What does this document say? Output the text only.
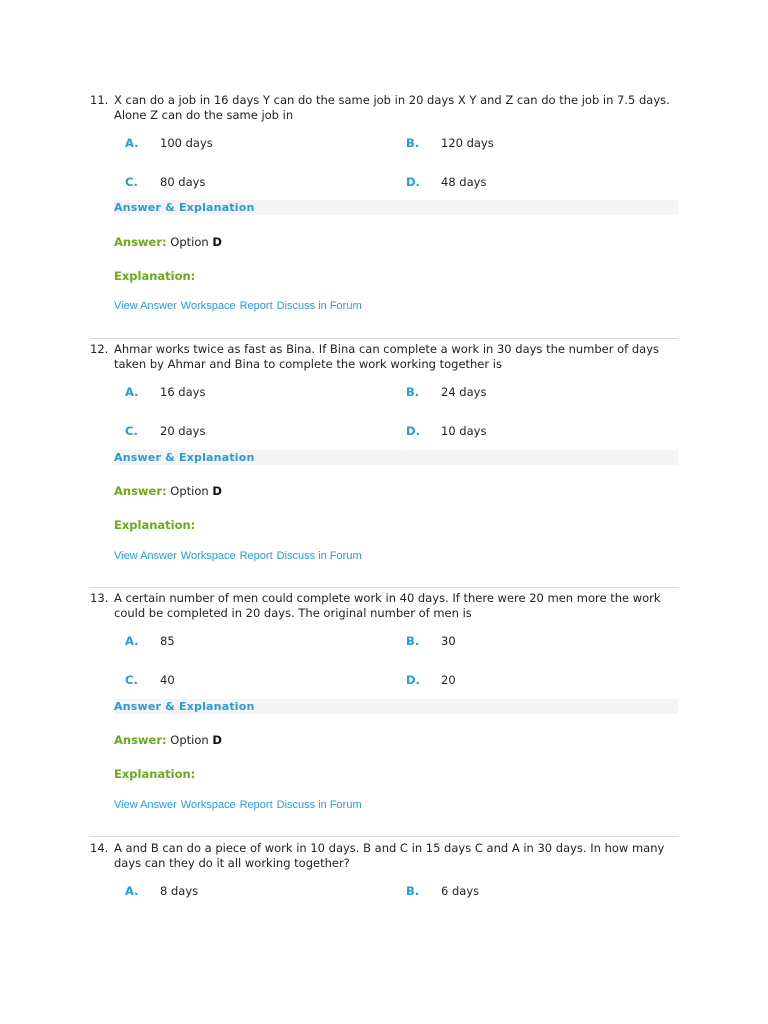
11. X can do a job in 16 days Y can do the same job in 20 days X Y and Z can do the job in 7.5 days. Alone Z can do the same job in
A. 100 days	B. 120 days
C. 80 days	D. 48 days
Answer & Explanation
Answer: Option D
Explanation:
View Answer Workspace Report Discuss in Forum
12. Ahmar works twice as fast as Bina. If Bina can complete a work in 30 days the number of days taken by Ahmar and Bina to complete the work working together is
A. 16 days	B. 24 days
C. 20 days	D. 10 days
Answer & Explanation
Answer: Option D
Explanation:
View Answer Workspace Report Discuss in Forum
13. A certain number of men could complete work in 40 days. If there were 20 men more the work could be completed in 20 days. The original number of men is
A. 85	B. 30
C. 40	D. 20
Answer & Explanation
Answer: Option D
Explanation:
View Answer Workspace Report Discuss in Forum
14. A and B can do a piece of work in 10 days. B and C in 15 days C and A in 30 days. In how many days can they do it all working together?
A. 8 days	B. 6 days
